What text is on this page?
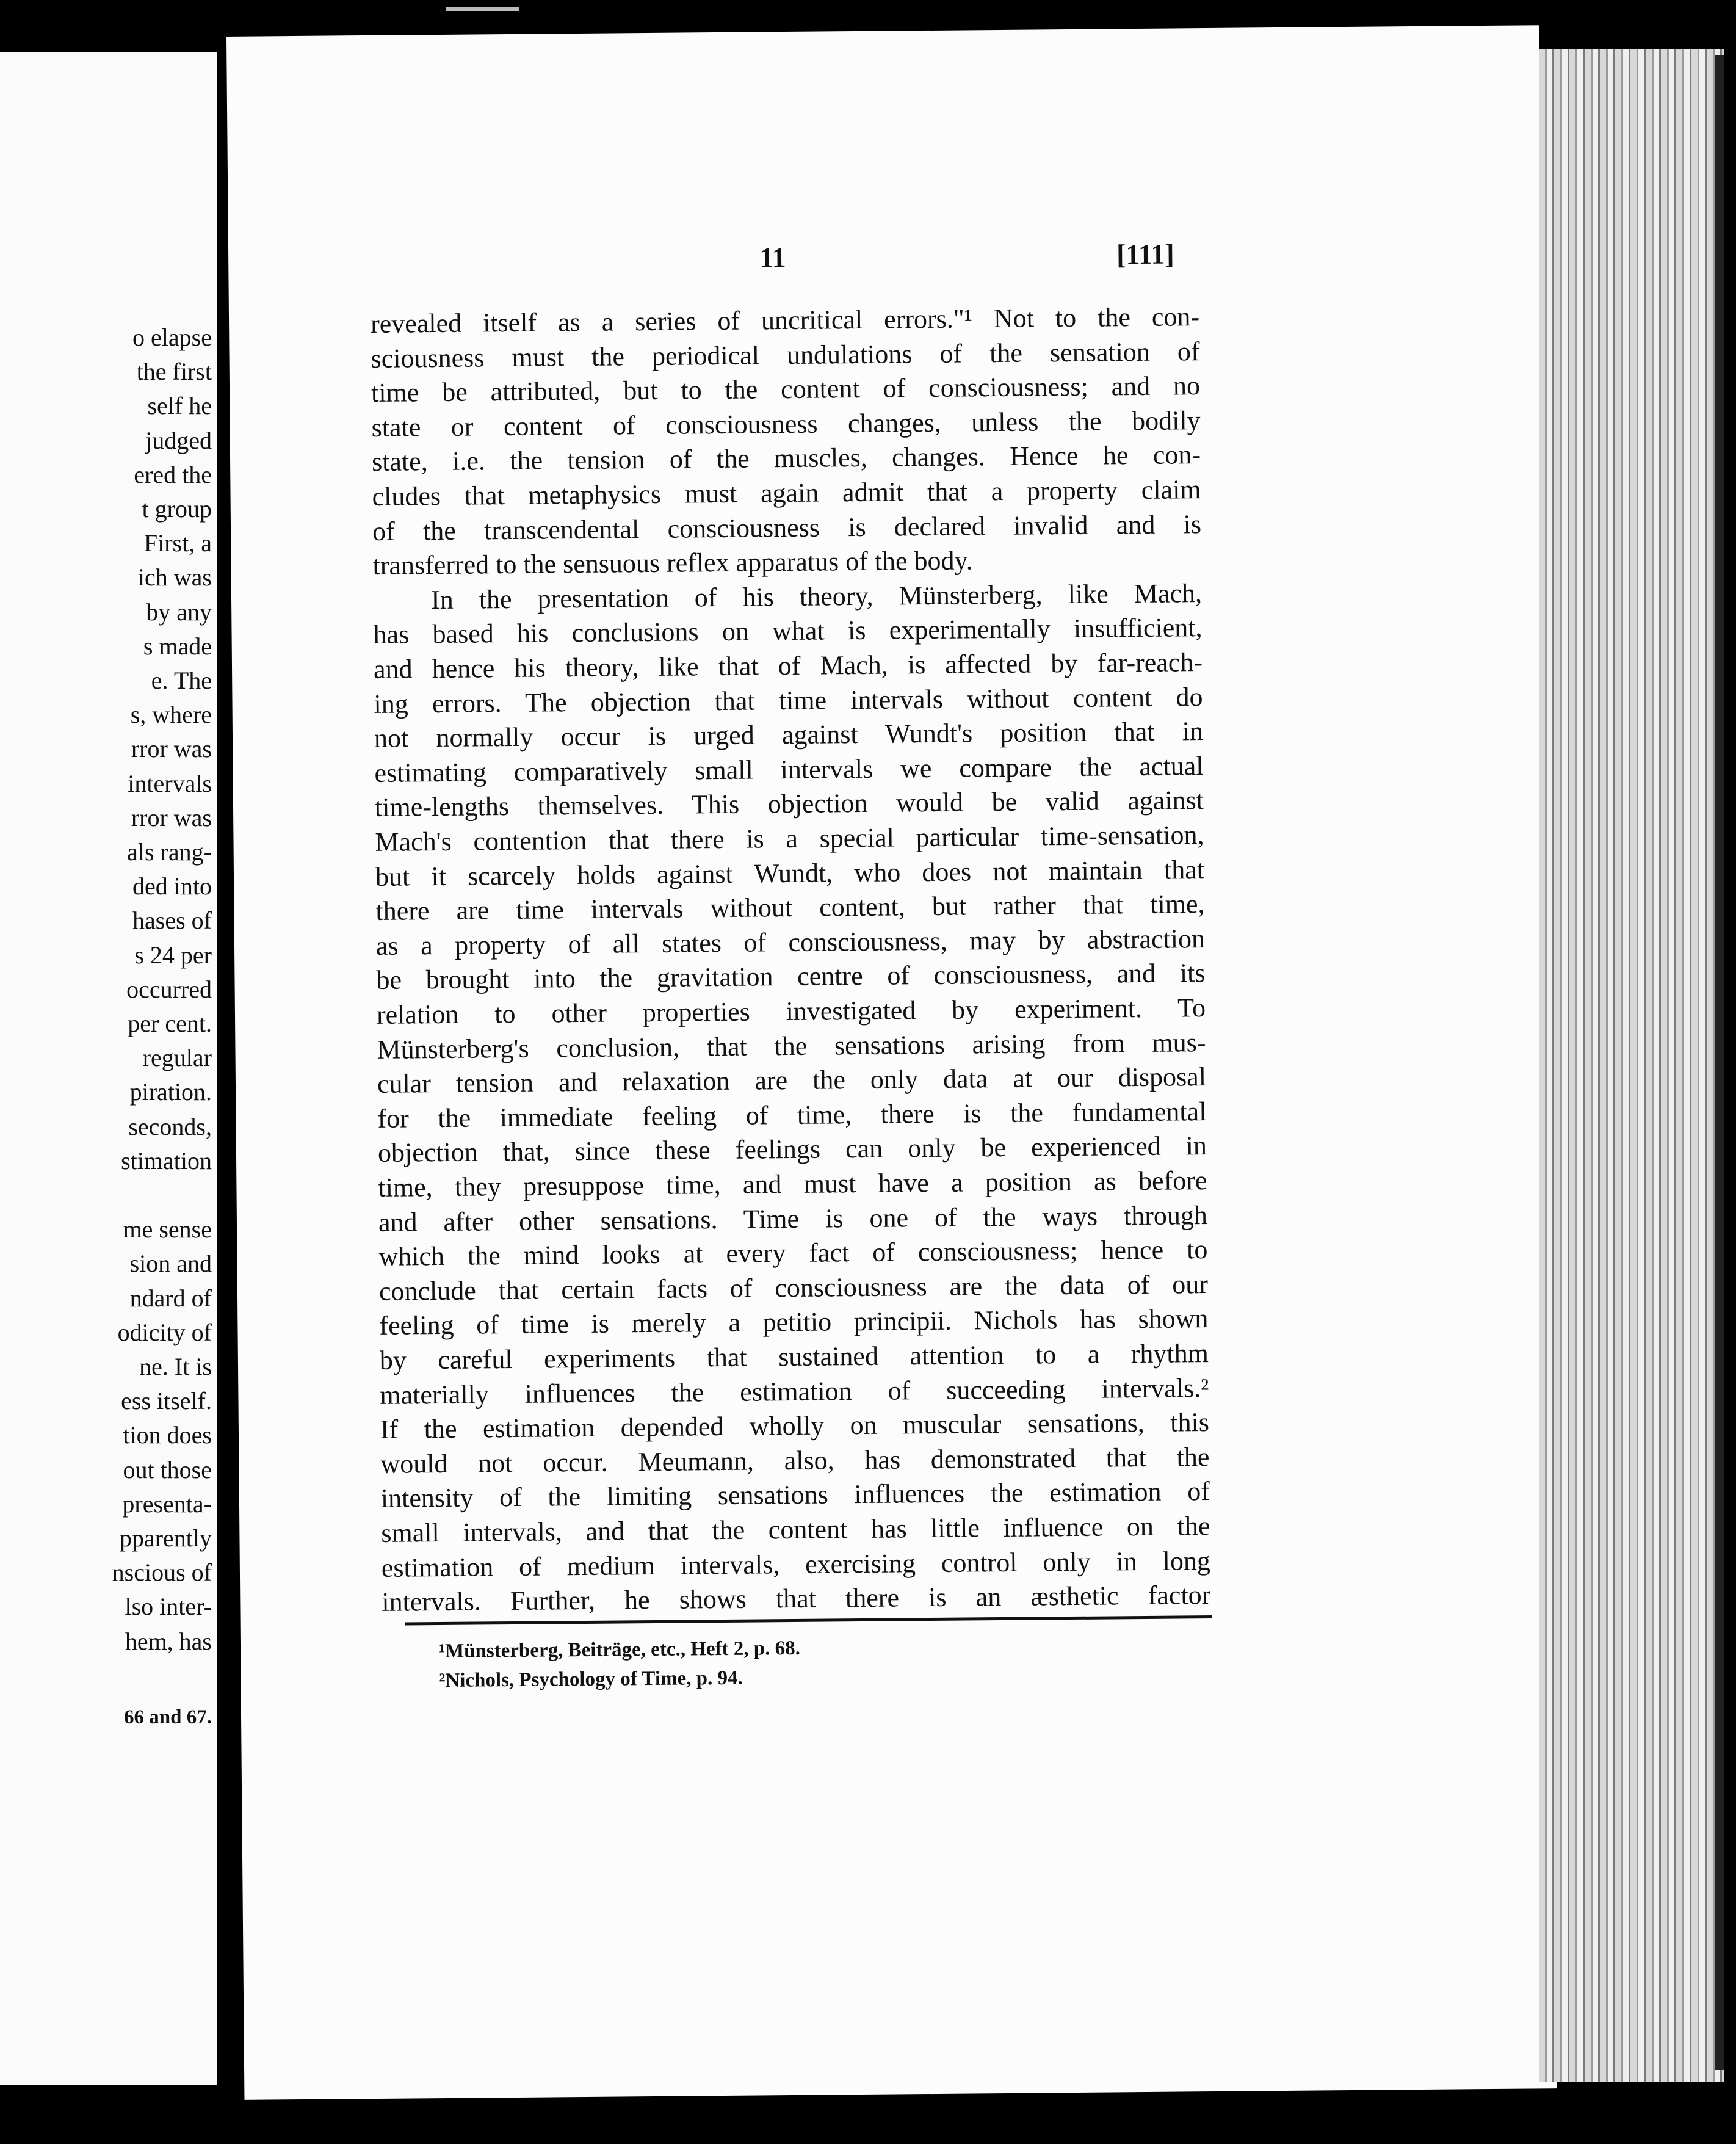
o elapse
the first
self he
judged
ered the
t group
First, a
ich was
by any
s made
e. The
s, where
rror was
intervals
rror was
als rang-
ded into
hases of
s 24 per
occurred
per cent.
regular
piration.
seconds,
stimation
me sense
sion and
ndard of
odicity of
ne. It is
ess itself.
tion does
out those
presenta-
pparently
nscious of
lso inter-
hem, has
66 and 67.
11	[111]
revealed itself as a series of uncritical errors."¹ Not to the con-
sciousness must the periodical undulations of the sensation of
time be attributed, but to the content of consciousness; and no
state or content of consciousness changes, unless the bodily
state, i.e. the tension of the muscles, changes. Hence he con-
cludes that metaphysics must again admit that a property claim
of the transcendental consciousness is declared invalid and is
transferred to the sensuous reflex apparatus of the body.
In the presentation of his theory, Münsterberg, like Mach,
has based his conclusions on what is experimentally insufficient,
and hence his theory, like that of Mach, is affected by far-reach-
ing errors. The objection that time intervals without content do
not normally occur is urged against Wundt's position that in
estimating comparatively small intervals we compare the actual
time-lengths themselves. This objection would be valid against
Mach's contention that there is a special particular time-sensation,
but it scarcely holds against Wundt, who does not maintain that
there are time intervals without content, but rather that time,
as a property of all states of consciousness, may by abstraction
be brought into the gravitation centre of consciousness, and its
relation to other properties investigated by experiment. To
Münsterberg's conclusion, that the sensations arising from mus-
cular tension and relaxation are the only data at our disposal
for the immediate feeling of time, there is the fundamental
objection that, since these feelings can only be experienced in
time, they presuppose time, and must have a position as before
and after other sensations. Time is one of the ways through
which the mind looks at every fact of consciousness; hence to
conclude that certain facts of consciousness are the data of our
feeling of time is merely a petitio principii. Nichols has shown
by careful experiments that sustained attention to a rhythm
materially influences the estimation of succeeding intervals.²
If the estimation depended wholly on muscular sensations, this
would not occur. Meumann, also, has demonstrated that the
intensity of the limiting sensations influences the estimation of
small intervals, and that the content has little influence on the
estimation of medium intervals, exercising control only in long
intervals. Further, he shows that there is an æsthetic factor
¹Münsterberg, Beiträge, etc., Heft 2, p. 68.
²Nichols, Psychology of Time, p. 94.
